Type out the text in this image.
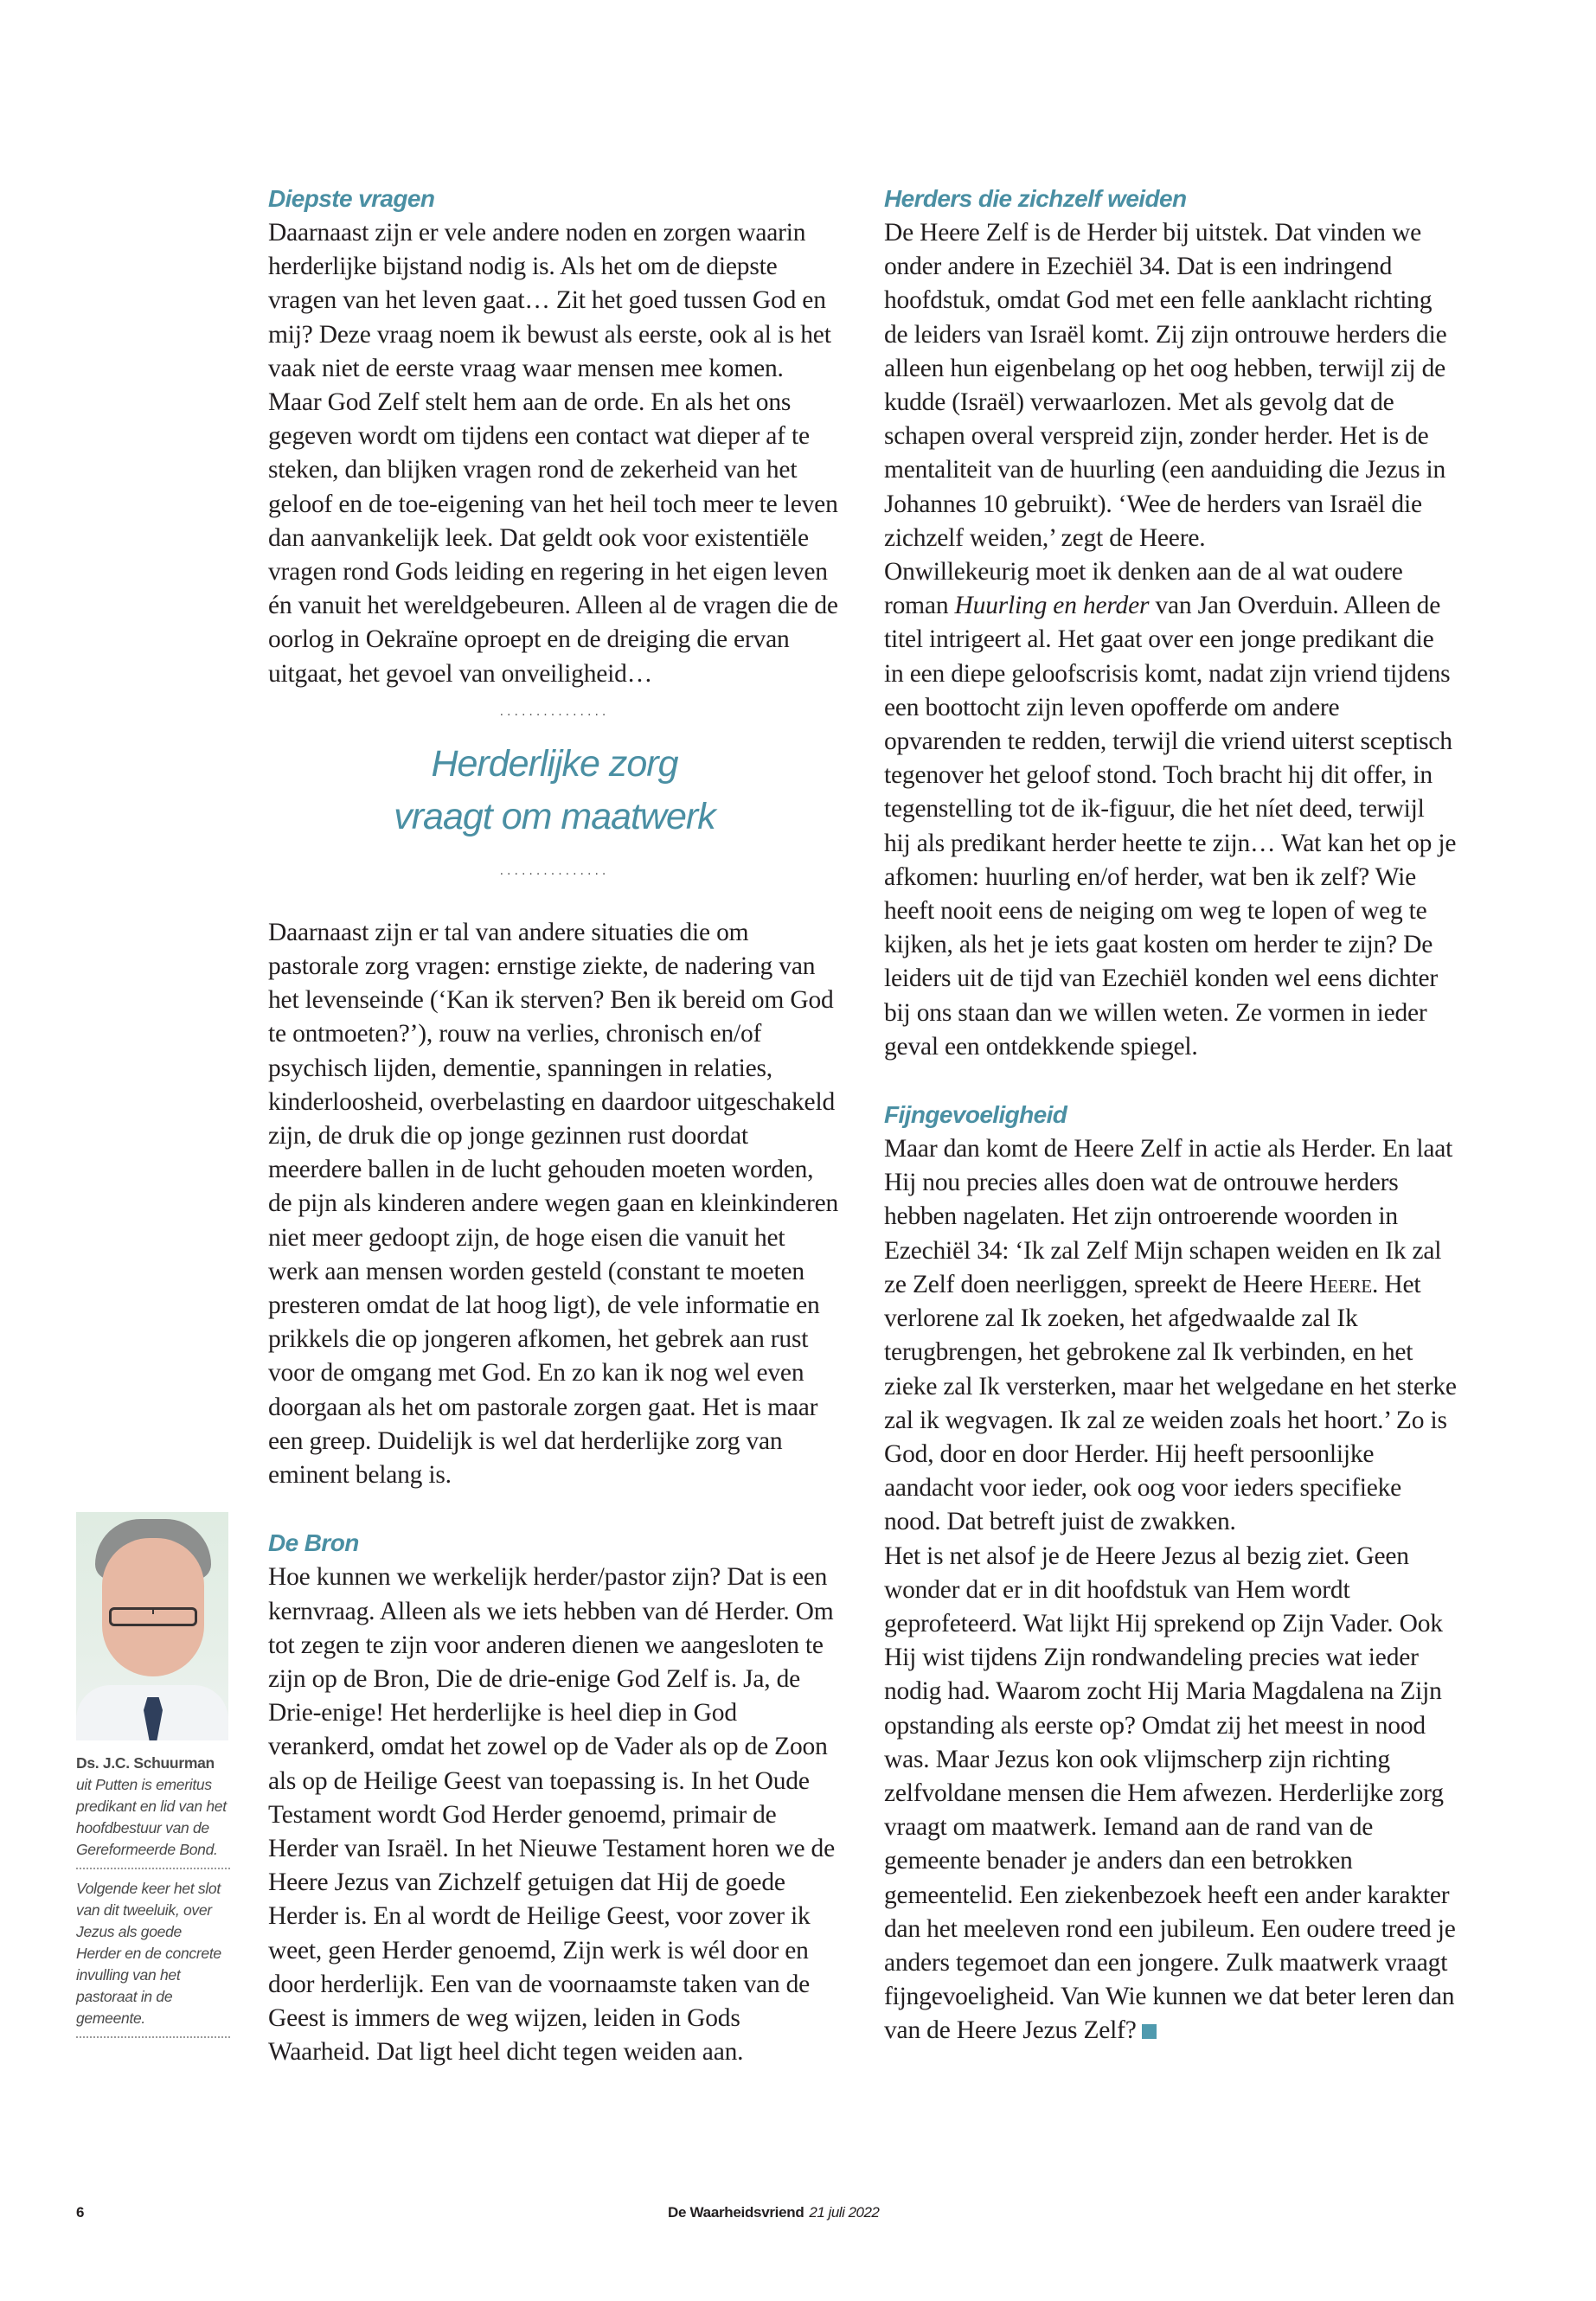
Diepste vragen

Daarnaast zijn er vele andere noden en zorgen waarin herderlijke bijstand nodig is. Als het om de diepste vragen van het leven gaat… Zit het goed tussen God en mij? Deze vraag noem ik bewust als eerste, ook al is het vaak niet de eerste vraag waar mensen mee komen. Maar God Zelf stelt hem aan de orde. En als het ons gegeven wordt om tijdens een contact wat dieper af te steken, dan blijken vragen rond de zekerheid van het geloof en de toe-eigening van het heil toch meer te leven dan aanvankelijk leek. Dat geldt ook voor existentiële vragen rond Gods leiding en regering in het eigen leven én vanuit het wereldgebeuren. Alleen al de vragen die de oorlog in Oekraïne oproept en de dreiging die ervan uitgaat, het gevoel van onveiligheid…

...............
Herderlijke zorg
vraagt om maatwerk
...............

Daarnaast zijn er tal van andere situaties die om pastorale zorg vragen: ernstige ziekte, de nadering van het levenseinde (‘Kan ik sterven? Ben ik bereid om God te ontmoeten?’), rouw na verlies, chronisch en/of psychisch lijden, dementie, spanningen in relaties, kinderloosheid, overbelasting en daardoor uitgeschakeld zijn, de druk die op jonge gezinnen rust doordat meerdere ballen in de lucht gehouden moeten worden, de pijn als kinderen andere wegen gaan en kleinkinderen niet meer gedoopt zijn, de hoge eisen die vanuit het werk aan mensen worden gesteld (constant te moeten presteren omdat de lat hoog ligt), de vele informatie en prikkels die op jongeren afkomen, het gebrek aan rust voor de omgang met God. En zo kan ik nog wel even doorgaan als het om pastorale zorgen gaat. Het is maar een greep. Duidelijk is wel dat herderlijke zorg van eminent belang is.

De Bron

Hoe kunnen we werkelijk herder/pastor zijn? Dat is een kernvraag. Alleen als we iets hebben van dé Herder. Om tot zegen te zijn voor anderen dienen we aangesloten te zijn op de Bron, Die de drie-enige God Zelf is. Ja, de Drie-enige! Het herderlijke is heel diep in God verankerd, omdat het zowel op de Vader als op de Zoon als op de Heilige Geest van toepassing is. In het Oude Testament wordt God Herder genoemd, primair de Herder van Israël. In het Nieuwe Testament horen we de Heere Jezus van Zichzelf getuigen dat Hij de goede Herder is. En al wordt de Heilige Geest, voor zover ik weet, geen Herder genoemd, Zijn werk is wél door en door herderlijk. Een van de voornaamste taken van de Geest is immers de weg wijzen, leiden in Gods Waarheid. Dat ligt heel dicht tegen weiden aan.

Herders die zichzelf weiden

De Heere Zelf is de Herder bij uitstek. Dat vinden we onder andere in Ezechiël 34. Dat is een indringend hoofdstuk, omdat God met een felle aanklacht richting de leiders van Israël komt. Zij zijn ontrouwe herders die alleen hun eigenbelang op het oog hebben, terwijl zij de kudde (Israël) verwaarlozen. Met als gevolg dat de schapen overal verspreid zijn, zonder herder. Het is de mentaliteit van de huurling (een aanduiding die Jezus in Johannes 10 gebruikt). ‘Wee de herders van Israël die zichzelf weiden,’ zegt de Heere.

Onwillekeurig moet ik denken aan de al wat oudere roman Huurling en herder van Jan Overduin. Alleen de titel intrigeert al. Het gaat over een jonge predikant die in een diepe geloofscrisis komt, nadat zijn vriend tijdens een boottocht zijn leven opofferde om andere opvarenden te redden, terwijl die vriend uiterst sceptisch tegenover het geloof stond. Toch bracht hij dit offer, in tegenstelling tot de ik-figuur, die het níet deed, terwijl hij als predikant herder heette te zijn… Wat kan het op je afkomen: huurling en/of herder, wat ben ik zelf? Wie heeft nooit eens de neiging om weg te lopen of weg te kijken, als het je iets gaat kosten om herder te zijn? De leiders uit de tijd van Ezechiël konden wel eens dichter bij ons staan dan we willen weten. Ze vormen in ieder geval een ontdekkende spiegel.

Fijngevoeligheid

Maar dan komt de Heere Zelf in actie als Herder. En laat Hij nou precies alles doen wat de ontrouwe herders hebben nagelaten. Het zijn ontroerende woorden in Ezechiël 34: ‘Ik zal Zelf Mijn schapen weiden en Ik zal ze Zelf doen neerliggen, spreekt de Heere Heere. Het verlorene zal Ik zoeken, het afgedwaalde zal Ik terugbrengen, het gebrokene zal Ik verbinden, en het zieke zal Ik versterken, maar het welgedane en het sterke zal ik wegvagen. Ik zal ze weiden zoals het hoort.’ Zo is God, door en door Herder. Hij heeft persoonlijke aandacht voor ieder, ook oog voor ieders specifieke nood. Dat betreft juist de zwakken.

Het is net alsof je de Heere Jezus al bezig ziet. Geen wonder dat er in dit hoofdstuk van Hem wordt geprofeteerd. Wat lijkt Hij sprekend op Zijn Vader. Ook Hij wist tijdens Zijn rondwandeling precies wat ieder nodig had. Waarom zocht Hij Maria Magdalena na Zijn opstanding als eerste op? Omdat zij het meest in nood was. Maar Jezus kon ook vlijmscherp zijn richting zelfvoldane mensen die Hem afwezen. Herderlijke zorg vraagt om maatwerk. Iemand aan de rand van de gemeente benader je anders dan een betrokken gemeentelid. Een ziekenbezoek heeft een ander karakter dan het meeleven rond een jubileum. Een oudere treed je anders tegemoet dan een jongere. Zulk maatwerk vraagt fijngevoeligheid. Van Wie kunnen we dat beter leren dan van de Heere Jezus Zelf?

Ds. J.C. Schuurman

uit Putten is emeritus predikant en lid van het hoofdbestuur van de Gereformeerde Bond.

Volgende keer het slot van dit tweeluik, over Jezus als goede Herder en de concrete invulling van het pastoraat in de gemeente.

6	De Waarheidsvriend 21 juli 2022
